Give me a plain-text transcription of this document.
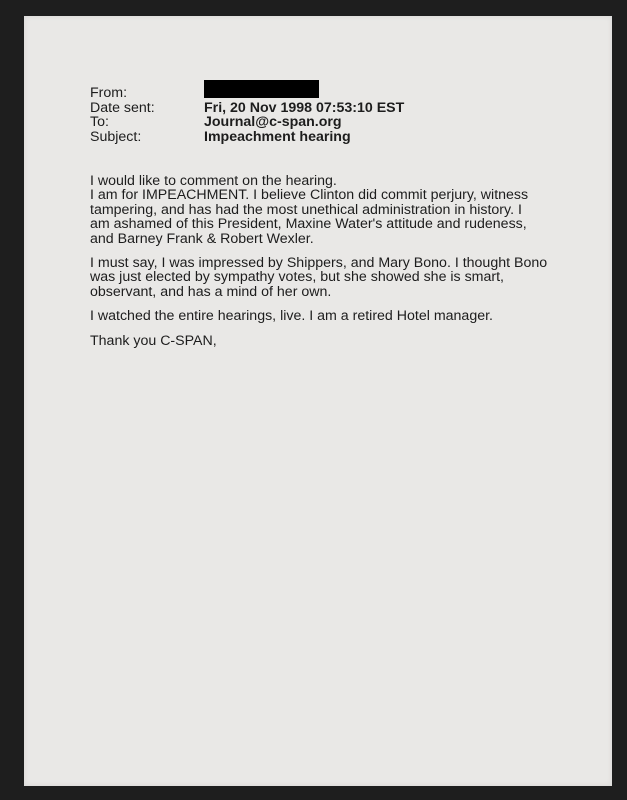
From:
Date sent:	Fri, 20 Nov 1998 07:53:10 EST
To:	Journal@c-span.org
Subject:	Impeachment hearing
I would like to comment on the hearing.
I am for IMPEACHMENT. I believe Clinton did commit perjury, witness
tampering, and has had the most unethical administration in history. I
am ashamed of this President, Maxine Water's attitude and rudeness,
and Barney Frank & Robert Wexler.
I must say, I was impressed by Shippers, and Mary Bono. I thought Bono
was just elected by sympathy votes, but she showed she is smart,
observant, and has a mind of her own.
I watched the entire hearings, live. I am a retired Hotel manager.
Thank you C-SPAN,
